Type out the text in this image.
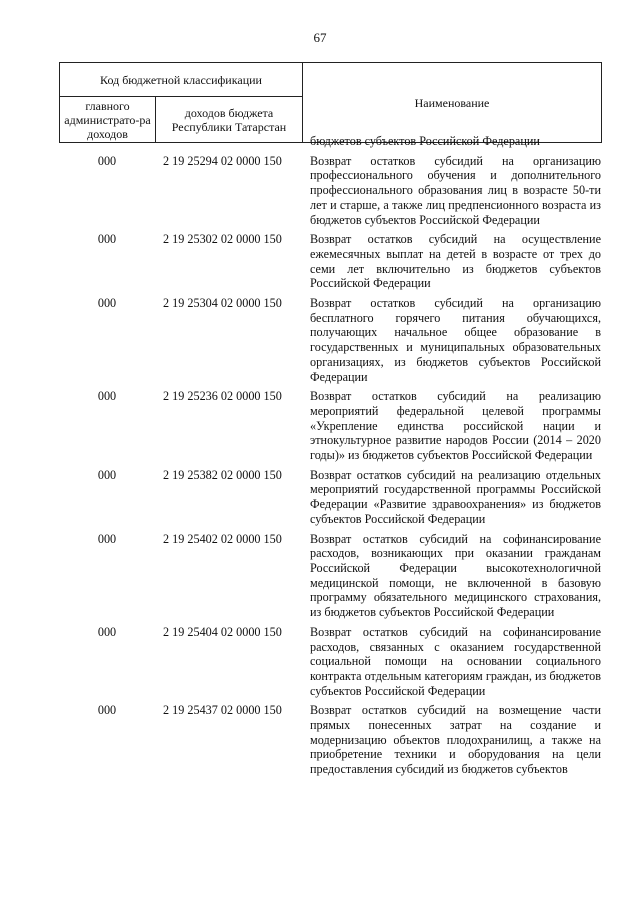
67
Код бюджетной классификации		Наименование
главного администрато-ра доходов	доходов бюджета Республики Татарстан	
бюджетов субъектов Российской Федерации
000	2 19 25294 02 0000 150	Возврат остатков субсидий на организацию профессионального обучения и дополнительного профессионального образования лиц в возрасте 50-ти лет и старше, а также лиц предпенсионного возраста из бюджетов субъектов Российской Федерации
000	2 19 25302 02 0000 150	Возврат остатков субсидий на осуществление ежемесячных выплат на детей в возрасте от трех до семи лет включительно из бюджетов субъектов Российской Федерации
000	2 19 25304 02 0000 150	Возврат остатков субсидий на организацию бесплатного горячего питания обучающихся, получающих начальное общее образование в государственных и муниципальных образовательных организациях, из бюджетов субъектов Российской Федерации
000	2 19 25236 02 0000 150	Возврат остатков субсидий на реализацию мероприятий федеральной целевой программы «Укрепление единства российской нации и этнокультурное развитие народов России (2014 – 2020 годы)» из бюджетов субъектов Российской Федерации
000	2 19 25382 02 0000 150	Возврат остатков субсидий на реализацию отдельных мероприятий государственной программы Российской Федерации «Развитие здравоохранения» из бюджетов субъектов Российской Федерации
000	2 19 25402 02 0000 150	Возврат остатков субсидий на софинансирование расходов, возникающих при оказании гражданам Российской Федерации высокотехнологичной медицинской помощи, не включенной в базовую программу обязательного медицинского страхования, из бюджетов субъектов Российской Федерации
000	2 19 25404 02 0000 150	Возврат остатков субсидий на софинансирование расходов, связанных с оказанием государственной социальной помощи на основании социального контракта отдельным категориям граждан, из бюджетов субъектов Российской Федерации
000	2 19 25437 02 0000 150	Возврат остатков субсидий на возмещение части прямых понесенных затрат на создание и модернизацию объектов плодохранилищ, а также на приобретение техники и оборудования на цели предоставления субсидий из бюджетов субъектов
